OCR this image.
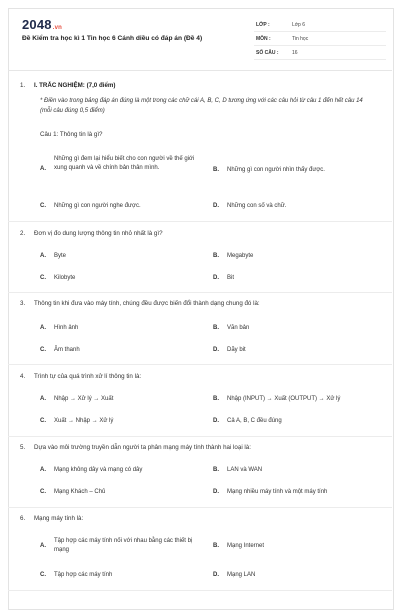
2048.vn
Đề Kiểm tra học kì 1 Tin học 6 Cánh diều có đáp án (Đề 4)
LỚP :	Lớp 6
MÔN :	Tin học
SỐ CÂU :	16
1. I. TRẮC NGHIỆM: (7,0 điểm)
* Điền vào trong bảng đáp án đúng là một trong các chữ cái A, B, C, D tương ứng với các câu hỏi từ câu 1 đến hết câu 14 (mỗi câu đúng 0,5 điểm)
Câu 1: Thông tin là gì?
A.
Những gì đem lại hiểu biết cho con người về thế giới xung quanh và về chính bản thân mình.	B. Những gì con người nhìn thấy được.
C. Những gì con người nghe được.	D. Những con số và chữ.
2. Đơn vị đo dung lượng thông tin nhỏ nhất là gì?
A. Byte	B. Megabyte
C. Kilobyte	D. Bit
3. Thông tin khi đưa vào máy tính, chúng đều được biến đổi thành dạng chung đó là:
A. Hình ảnh	B. Văn bản
C. Âm thanh	D. Dãy bit
4. Trình tự của quá trình xử lí thông tin là:
A. Nhập → Xử lý → Xuất	B. Nhập (INPUT) → Xuất (OUTPUT) → Xử lý
C. Xuất → Nhập → Xử lý	D. Cả A, B, C đều đúng
5. Dựa vào môi trường truyền dẫn người ta phân mạng máy tính thành hai loại là:
A. Mạng không dây và mạng có dây	B. LAN và WAN
C. Mạng Khách – Chủ	D. Mạng nhiều máy tính và một máy tính
6. Mạng máy tính là:
A.
Tập hợp các máy tính nối với nhau bằng các thiết bị mạng
B. Mạng Internet
C. Tập hợp các máy tính	D. Mạng LAN
